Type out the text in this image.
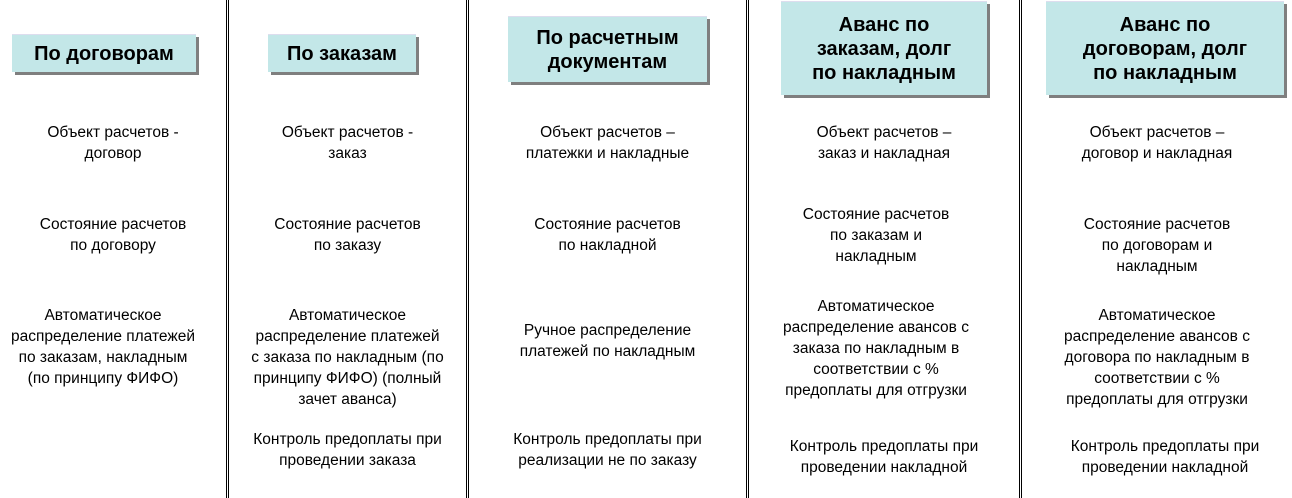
По договорам
Объект расчетов -
договор
Состояние расчетов
по договору
Автоматическое
распределение платежей
по заказам, накладным
(по принципу ФИФО)
По заказам
Объект расчетов -
заказ
Состояние расчетов
по заказу
Автоматическое
распределение платежей
с заказа по накладным (по
принципу ФИФО) (полный
зачет аванса)
Контроль предоплаты при
проведении заказа
По расчетным
документам
Объект расчетов –
платежки и накладные
Состояние расчетов
по накладной
Ручное распределение
платежей по накладным
Контроль предоплаты при
реализации не по заказу
Аванс по
заказам, долг
по накладным
Объект расчетов –
заказ и накладная
Состояние расчетов
по заказам и
накладным
Автоматическое
распределение авансов с
заказа по накладным в
соответствии с %
предоплаты для отгрузки
Контроль предоплаты при
проведении накладной
Аванс по
договорам, долг
по накладным
Объект расчетов –
договор и накладная
Состояние расчетов
по договорам и
накладным
Автоматическое
распределение авансов с
договора по накладным в
соответствии с %
предоплаты для отгрузки
Контроль предоплаты при
проведении накладной
